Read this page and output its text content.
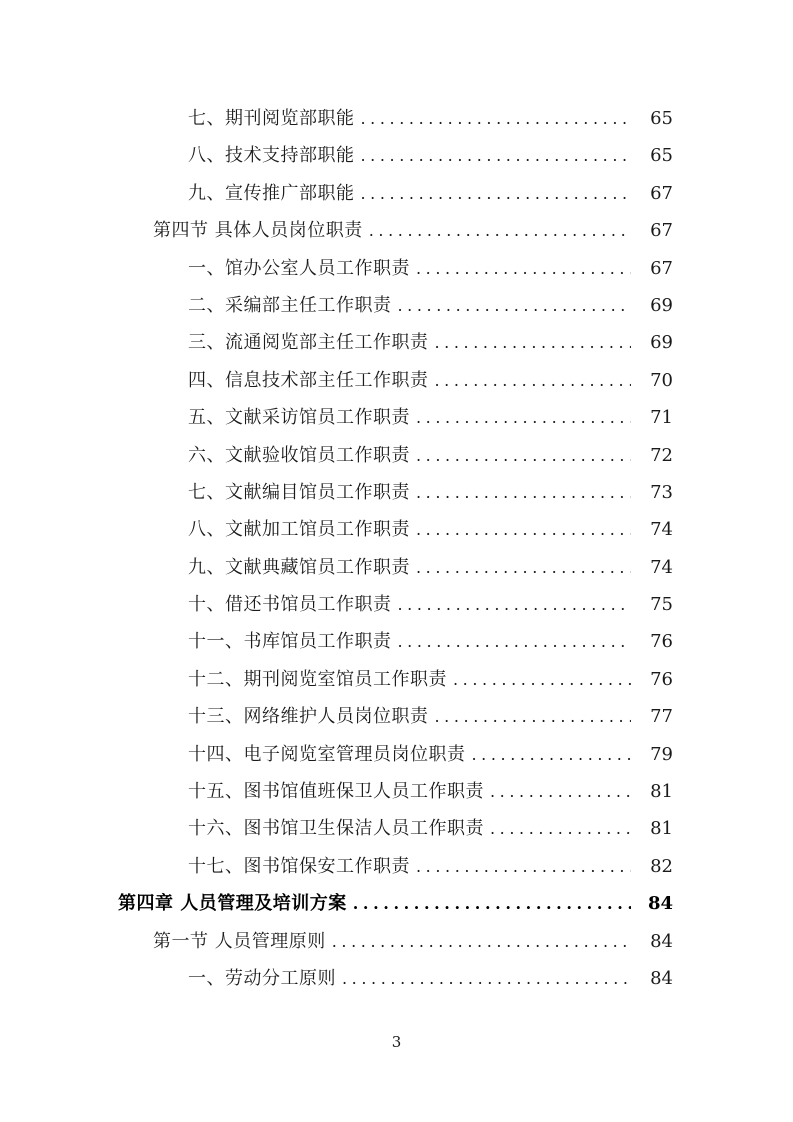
七、期刊阅览部职能 .....	65
八、技术支持部职能 .....	65
九、宣传推广部职能 .....	67
第四节 具体人员岗位职责 .....	67
一、馆办公室人员工作职责 .....	67
二、采编部主任工作职责 .....	69
三、流通阅览部主任工作职责 .....	69
四、信息技术部主任工作职责 .....	70
五、文献采访馆员工作职责 .....	71
六、文献验收馆员工作职责 .....	72
七、文献编目馆员工作职责 .....	73
八、文献加工馆员工作职责 .....	74
九、文献典藏馆员工作职责 .....	74
十、借还书馆员工作职责 .....	75
十一、书库馆员工作职责 .....	76
十二、期刊阅览室馆员工作职责 .....	76
十三、网络维护人员岗位职责 .....	77
十四、电子阅览室管理员岗位职责 .....	79
十五、图书馆值班保卫人员工作职责 .....	81
十六、图书馆卫生保洁人员工作职责 .....	81
十七、图书馆保安工作职责 .....	82
第四章 人员管理及培训方案 .....	84
第一节 人员管理原则 .....	84
一、劳动分工原则 .....	84
3
